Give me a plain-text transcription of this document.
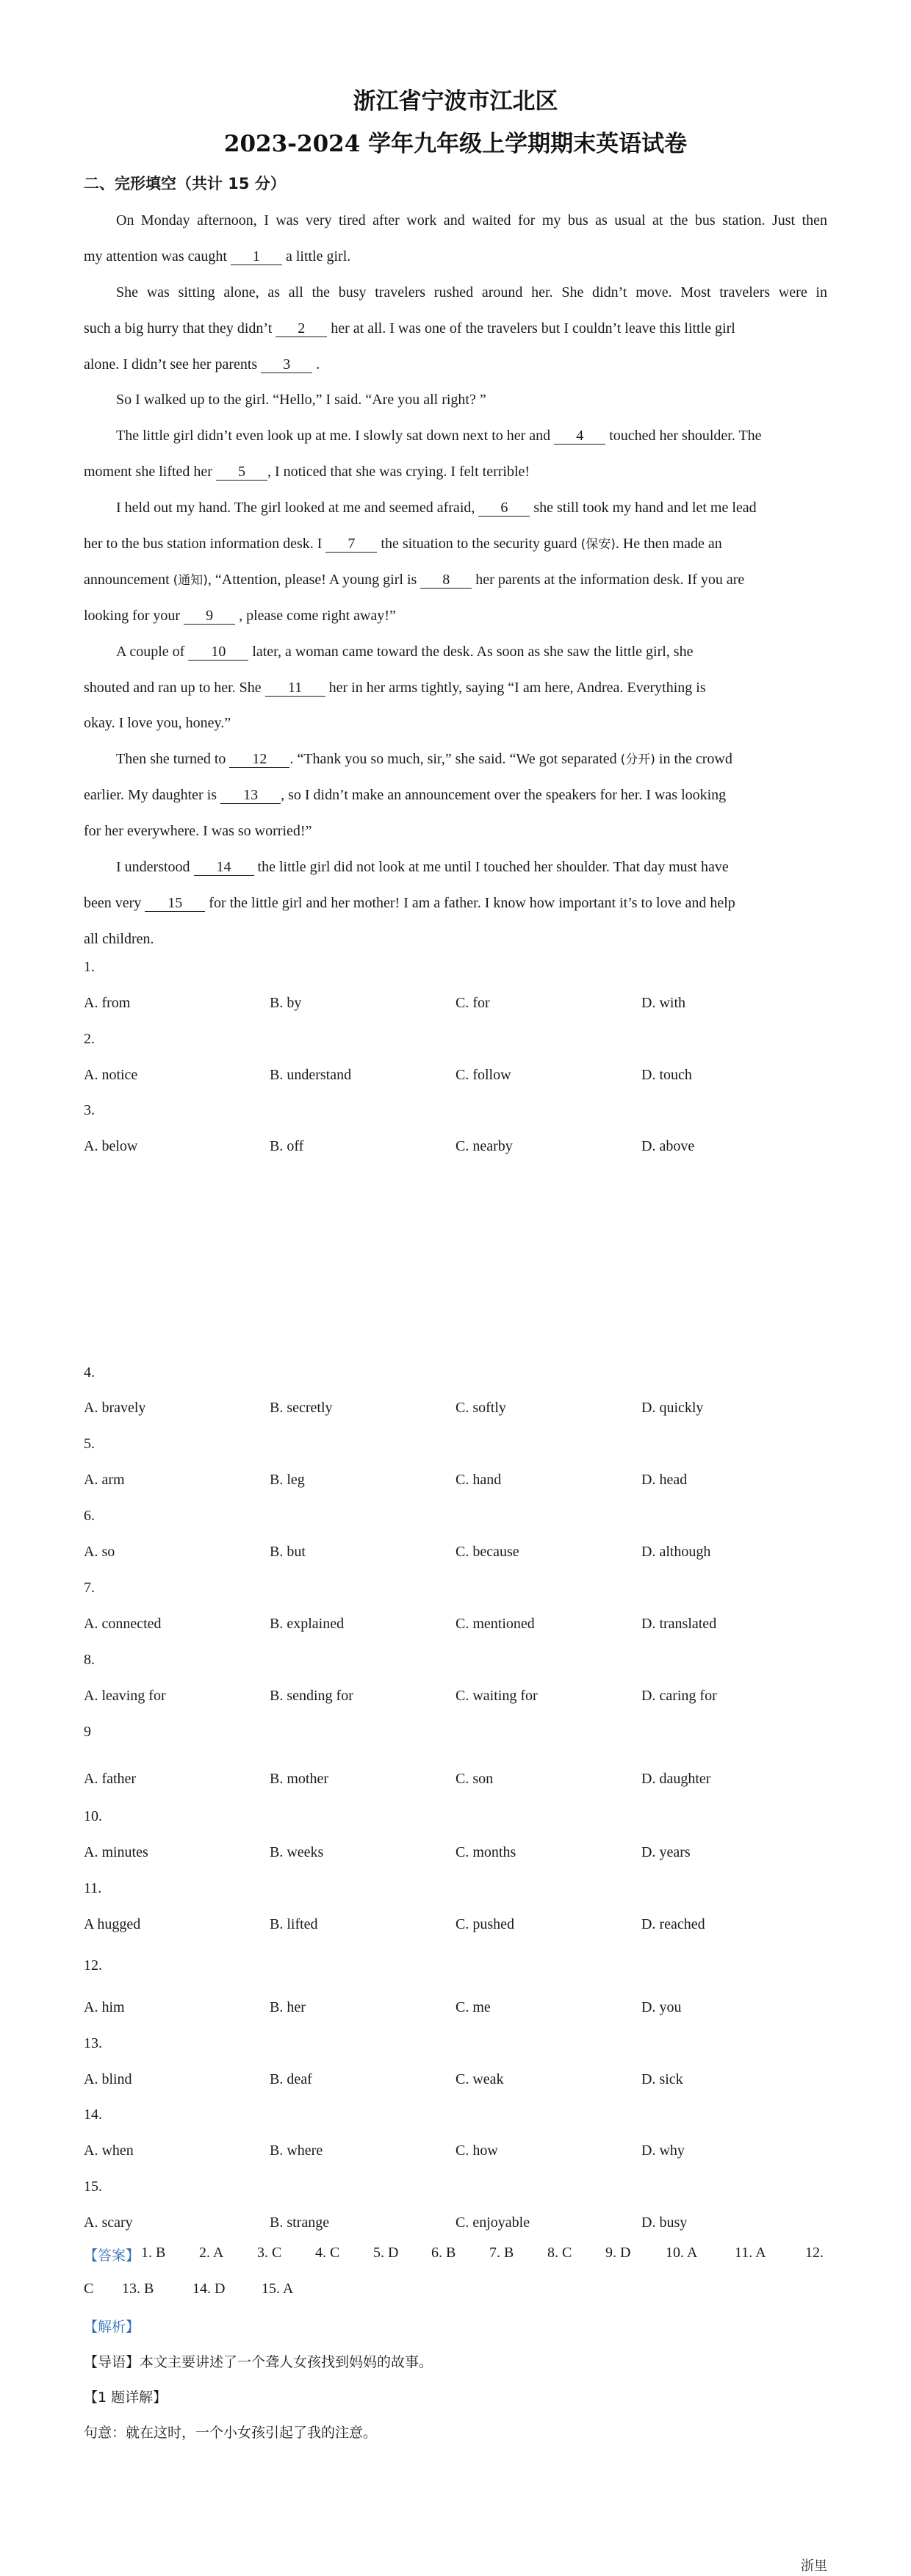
浙江省宁波市江北区
2023-2024 学年九年级上学期期末英语试卷
二、完形填空（共计 15 分）
On Monday afternoon, I was very tired after work and waited for my bus as usual at the bus station. Just then
my attention was caught 1 a little girl.
She was sitting alone, as all the busy travelers rushed around her. She didn’t move. Most travelers were in
such a big hurry that they didn’t 2 her at all. I was one of the travelers but I couldn’t leave this little girl
alone. I didn’t see her parents 3 .
So I walked up to the girl. “Hello,” I said. “Are you all right? ”
The little girl didn’t even look up at me. I slowly sat down next to her and 4 touched her shoulder. The
moment she lifted her 5 , I noticed that she was crying. I felt terrible!
I held out my hand. The girl looked at me and seemed afraid, 6 she still took my hand and let me lead
her to the bus station information desk. I 7 the situation to the security guard (保安). He then made an
announcement (通知), “Attention, please! A young girl is 8 her parents at the information desk. If you are
looking for your 9 , please come right away!”
A couple of 10 later, a woman came toward the desk. As soon as she saw the little girl, she
shouted and ran up to her. She 11 her in her arms tightly, saying “I am here, Andrea. Everything is
okay. I love you, honey.”
Then she turned to 12 . “Thank you so much, sir,” she said. “We got separated (分开) in the crowd
earlier. My daughter is 13 , so I didn’t make an announcement over the speakers for her. I was looking
for her everywhere. I was so worried!”
I understood 14 the little girl did not look at me until I touched her shoulder. That day must have
been very 15 for the little girl and her mother! I am a father. I know how important it’s to love and help
all children.
1.
A. from	B. by	C. for	D. with
2.
A. notice	B. understand	C. follow	D. touch
3.
A. below	B. off	C. nearby	D. above
4.
A. bravely	B. secretly	C. softly	D. quickly
5.
A. arm	B. leg	C. hand	D. head
6.
A. so	B. but	C. because	D. although
7.
A. connected	B. explained	C. mentioned	D. translated
8.
A. leaving for	B. sending for	C. waiting for	D. caring for
9
A. father	B. mother	C. son	D. daughter
10.
A. minutes	B. weeks	C. months	D. years
11.
A hugged	B. lifted	C. pushed	D. reached
12.
A. him	B. her	C. me	D. you
13.
A. blind	B. deaf	C. weak	D. sick
14.
A. when	B. where	C. how	D. why
15.
A. scary	B. strange	C. enjoyable	D. busy
【答案】 1. B 2. A 3. C 4. C 5. D 6. B 7. B 8. C 9. D 10. A	11. A	12.
C 13. B	14. D 15. A
【解析】
【导语】本文主要讲述了一个聋人女孩找到妈妈的故事。
【1 题详解】
句意：就在这时，一个小女孩引起了我的注意。
浙里
